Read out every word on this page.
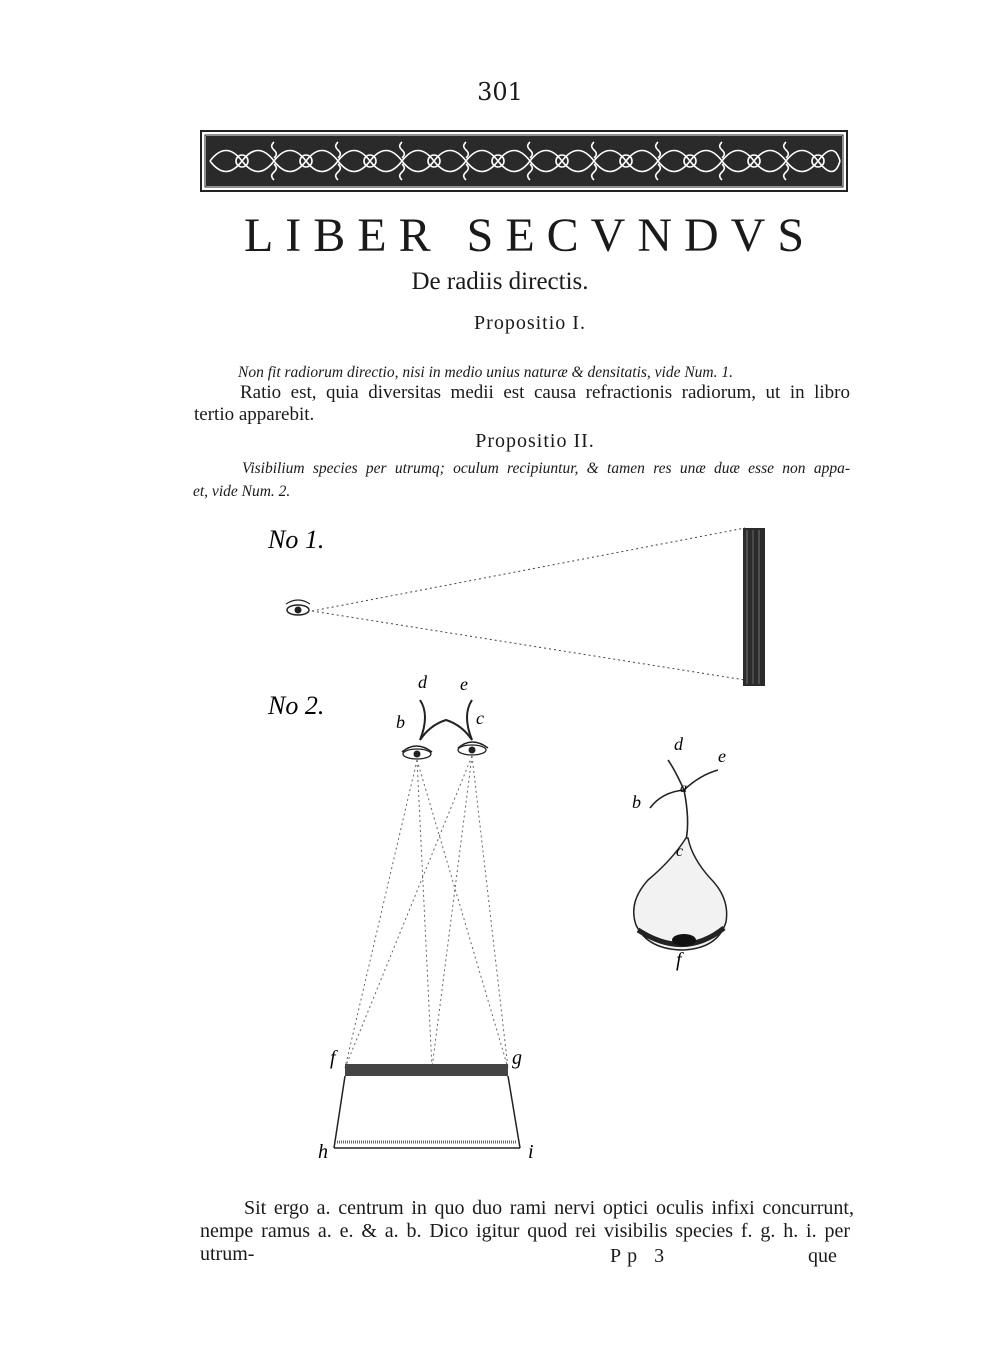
301
LIBER SECVNDVS
De radiis directis.
Propositio I.
Non fit radiorum directio, nisi in medio unius naturæ & densitatis, vide Num. 1.
Ratio est, quia diversitas medii est causa refractionis radiorum, ut in libro
tertio apparebit.
Propositio II.
Visibilium species per utrumq; oculum recipiuntur, & tamen res unæ duæ esse non appa-
et, vide Num. 2.
No 1.
No 2.
d e
b	c
f	g
h	i
d
e
b
a
c
f
Sit ergo a. centrum in quo duo rami nervi optici oculis infixi concurrunt,
nempe ramus a. e. & a. b. Dico igitur quod rei visibilis species f. g. h. i. per utrum-	Pp 3	que
